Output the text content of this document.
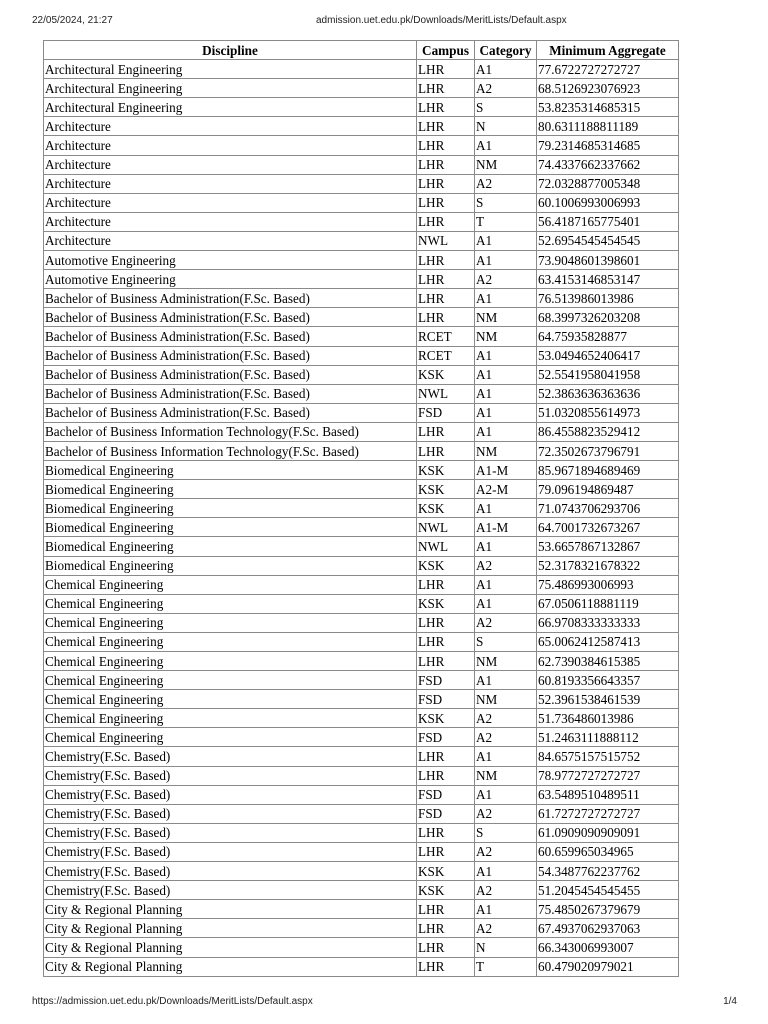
22/05/2024, 21:27	admission.uet.edu.pk/Downloads/MeritLists/Default.aspx
Discipline	Campus	Category	Minimum Aggregate
Architectural Engineering	LHR	A1	77.6722727272727
Architectural Engineering	LHR	A2	68.5126923076923
Architectural Engineering	LHR	S	53.8235314685315
Architecture	LHR	N	80.6311188811189
Architecture	LHR	A1	79.2314685314685
Architecture	LHR	NM	74.4337662337662
Architecture	LHR	A2	72.0328877005348
Architecture	LHR	S	60.1006993006993
Architecture	LHR	T	56.4187165775401
Architecture	NWL	A1	52.6954545454545
Automotive Engineering	LHR	A1	73.9048601398601
Automotive Engineering	LHR	A2	63.4153146853147
Bachelor of Business Administration(F.Sc. Based)	LHR	A1	76.513986013986
Bachelor of Business Administration(F.Sc. Based)	LHR	NM	68.3997326203208
Bachelor of Business Administration(F.Sc. Based)	RCET	NM	64.75935828877
Bachelor of Business Administration(F.Sc. Based)	RCET	A1	53.0494652406417
Bachelor of Business Administration(F.Sc. Based)	KSK	A1	52.5541958041958
Bachelor of Business Administration(F.Sc. Based)	NWL	A1	52.3863636363636
Bachelor of Business Administration(F.Sc. Based)	FSD	A1	51.0320855614973
Bachelor of Business Information Technology(F.Sc. Based)	LHR	A1	86.4558823529412
Bachelor of Business Information Technology(F.Sc. Based)	LHR	NM	72.3502673796791
Biomedical Engineering	KSK	A1-M	85.9671894689469
Biomedical Engineering	KSK	A2-M	79.096194869487
Biomedical Engineering	KSK	A1	71.0743706293706
Biomedical Engineering	NWL	A1-M	64.7001732673267
Biomedical Engineering	NWL	A1	53.6657867132867
Biomedical Engineering	KSK	A2	52.3178321678322
Chemical Engineering	LHR	A1	75.486993006993
Chemical Engineering	KSK	A1	67.0506118881119
Chemical Engineering	LHR	A2	66.9708333333333
Chemical Engineering	LHR	S	65.0062412587413
Chemical Engineering	LHR	NM	62.7390384615385
Chemical Engineering	FSD	A1	60.8193356643357
Chemical Engineering	FSD	NM	52.3961538461539
Chemical Engineering	KSK	A2	51.736486013986
Chemical Engineering	FSD	A2	51.2463111888112
Chemistry(F.Sc. Based)	LHR	A1	84.6575157515752
Chemistry(F.Sc. Based)	LHR	NM	78.9772727272727
Chemistry(F.Sc. Based)	FSD	A1	63.5489510489511
Chemistry(F.Sc. Based)	FSD	A2	61.7272727272727
Chemistry(F.Sc. Based)	LHR	S	61.0909090909091
Chemistry(F.Sc. Based)	LHR	A2	60.659965034965
Chemistry(F.Sc. Based)	KSK	A1	54.3487762237762
Chemistry(F.Sc. Based)	KSK	A2	51.2045454545455
City & Regional Planning	LHR	A1	75.4850267379679
City & Regional Planning	LHR	A2	67.4937062937063
City & Regional Planning	LHR	N	66.343006993007
City & Regional Planning	LHR	T	60.479020979021
https://admission.uet.edu.pk/Downloads/MeritLists/Default.aspx	1/4
